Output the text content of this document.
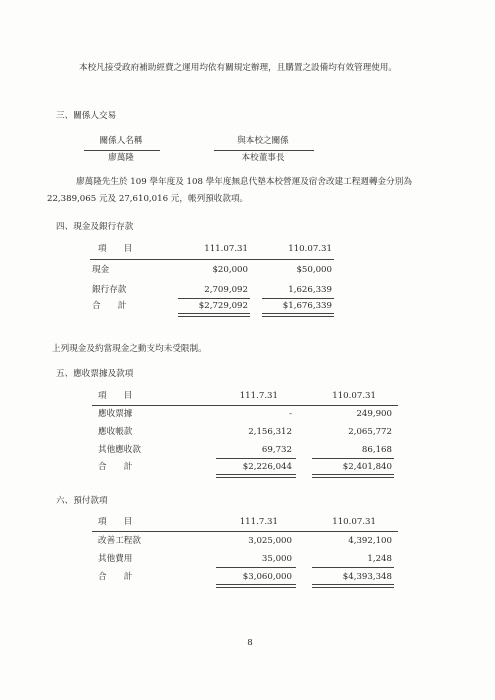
本校凡接受政府補助經費之運用均依有關規定辦理，且購置之設備均有效管理使用。
三、關係人交易
關係人名稱	與本校之關係
廖萬隆	本校董事長
廖萬隆先生於 109 學年度及 108 學年度無息代墊本校營運及宿舍改建工程週轉金分別為
22,389,065 元及 27,610,016 元，帳列預收款項。
四、現金及銀行存款
項　　目	111.07.31	110.07.31
現金	$20,000	$50,000
銀行存款	2,709,092	1,626,339
合　　計	$2,729,092	$1,676,339
上列現金及約當現金之動支均未受限制。
五、應收票據及款項
項　　目	111.7.31	110.07.31
應收票據	-	249,900
應收帳款	2,156,312	2,065,772
其他應收款	69,732	86,168
合　　計	$2,226,044	$2,401,840
六、預付款項
項　　目	111.7.31	110.07.31
改善工程款	3,025,000	4,392,100
其他費用	35,000	1,248
合　　計	$3,060,000	$4,393,348
8
